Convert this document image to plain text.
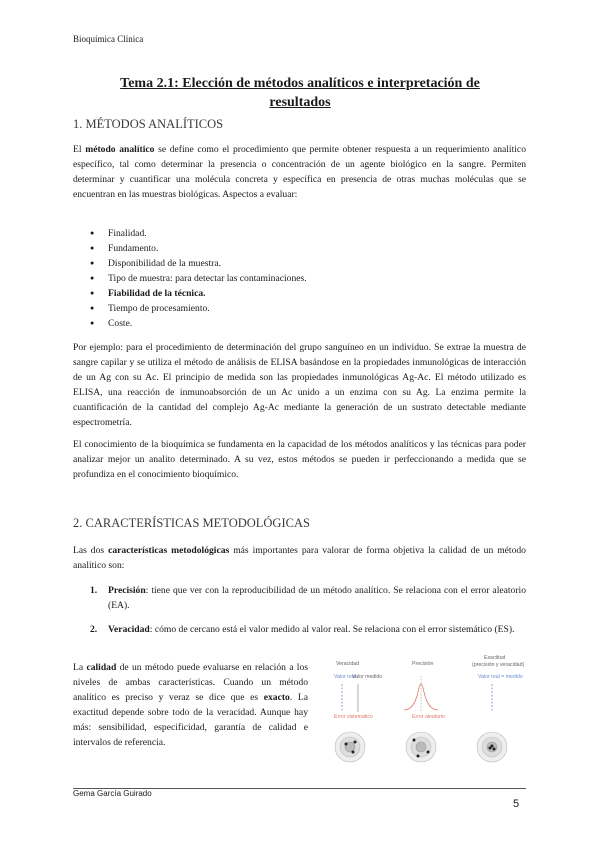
Bioquímica Clínica
Tema 2.1: Elección de métodos analíticos e interpretación de resultados
1. MÉTODOS ANALÍTICOS
El método analítico se define como el procedimiento que permite obtener respuesta a un requerimiento analítico específico, tal como determinar la presencia o concentración de un agente biológico en la sangre. Permiten determinar y cuantificar una molécula concreta y específica en presencia de otras muchas moléculas que se encuentran en las muestras biológicas. Aspectos a evaluar:
● Finalidad.
● Fundamento.
● Disponibilidad de la muestra.
● Tipo de muestra: para detectar las contaminaciones.
● Fiabilidad de la técnica.
● Tiempo de procesamiento.
● Coste.
Por ejemplo: para el procedimiento de determinación del grupo sanguíneo en un individuo. Se extrae la muestra de sangre capilar y se utiliza el método de análisis de ELISA basándose en la propiedades inmunológicas de interacción de un Ag con su Ac. El principio de medida son las propiedades inmunológicas Ag-Ac. El método utilizado es ELISA, una reacción de inmunoabsorción de un Ac unido a un enzima con su Ag. La enzima permite la cuantificación de la cantidad del complejo Ag-Ac mediante la generación de un sustrato detectable mediante espectrometría.
El conocimiento de la bioquímica se fundamenta en la capacidad de los métodos analíticos y las técnicas para poder analizar mejor un analito determinado. A su vez, estos métodos se pueden ir perfeccionando a medida que se profundiza en el conocimiento bioquímico.
2. CARACTERÍSTICAS METODOLÓGICAS
Las dos características metodológicas más importantes para valorar de forma objetiva la calidad de un método analítico son:
1. Precisión: tiene que ver con la reproducibilidad de un método analítico. Se relaciona con el error aleatorio (EA).
2. Veracidad: cómo de cercano está el valor medido al valor real. Se relaciona con el error sistemático (ES).
La calidad de un método puede evaluarse en relación a los niveles de ambas características. Cuando un método analítico es preciso y veraz se dice que es exacto. La exactitud depende sobre todo de la veracidad. Aunque hay más: sensibilidad, especificidad, garantía de calidad e intervalos de referencia.
Veracidad
Valor real
Valor medido
Error sistemático
Precisión
Error aleatorio
Exactitud
(precisión y veracidad)
Valor real = medido
Gema García Guirado
5
